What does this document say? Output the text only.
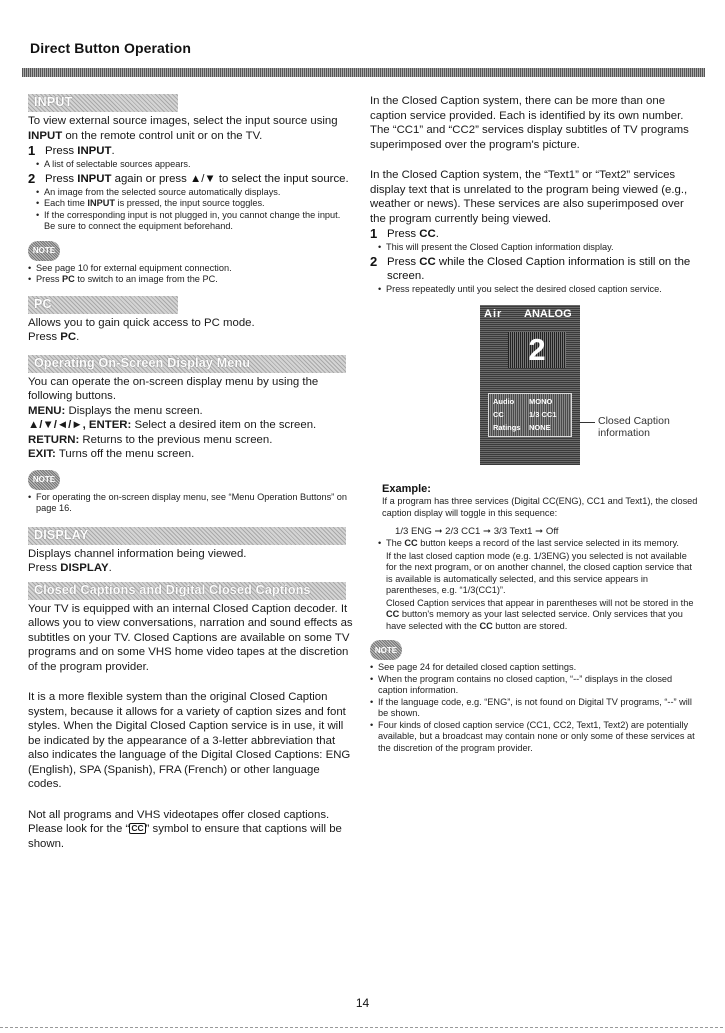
Direct Button Operation
INPUT
To view external source images, select the input source using INPUT on the remote control unit or on the TV.
1 Press INPUT.
• A list of selectable sources appears.
2 Press INPUT again or press ▲/▼ to select the input source.
• An image from the selected source automatically displays.
• Each time INPUT is pressed, the input source toggles.
• If the corresponding input is not plugged in, you cannot change the input. Be sure to connect the equipment beforehand.
NOTE
• See page 10 for external equipment connection.
• Press PC to switch to an image from the PC.
PC
Allows you to gain quick access to PC mode.
Press PC.
Operating On-Screen Display Menu
You can operate the on-screen display menu by using the following buttons.
MENU: Displays the menu screen.
▲/▼/◄/►, ENTER: Select a desired item on the screen.
RETURN: Returns to the previous menu screen.
EXIT: Turns off the menu screen.
NOTE
• For operating the on-screen display menu, see “Menu Operation Buttons” on page 16.
DISPLAY
Displays channel information being viewed.
Press DISPLAY.
Closed Captions and Digital Closed Captions
Your TV is equipped with an internal Closed Caption decoder. It allows you to view conversations, narration and sound effects as subtitles on your TV. Closed Captions are available on some TV programs and on some VHS home video tapes at the discretion of the program provider.
It is a more flexible system than the original Closed Caption system, because it allows for a variety of caption sizes and font styles. When the Digital Closed Caption service is in use, it will be indicated by the appearance of a 3-letter abbreviation that also indicates the language of the Digital Closed Captions: ENG (English), SPA (Spanish), FRA (French) or other language codes.
Not all programs and VHS videotapes offer closed captions. Please look for the “ CC ” symbol to ensure that captions will be shown.
In the Closed Caption system, there can be more than one caption service provided. Each is identified by its own number. The “CC1” and “CC2” services display subtitles of TV programs superimposed over the program's picture.
In the Closed Caption system, the “Text1” or “Text2” services display text that is unrelated to the program being viewed (e.g., weather or news). These services are also superimposed over the program currently being viewed.
1 Press CC.
• This will present the Closed Caption information display.
2 Press CC while the Closed Caption information is still on the screen.
• Press repeatedly until you select the desired closed caption service.
Air ANALOG
2
Audio MONO
CC	1/3 CC1
Ratings NONE
Closed Caption information
Example:
If a program has three services (Digital CC(ENG), CC1 and Text1), the closed caption display will toggle in this sequence:
1/3 ENG ➞ 2/3 CC1 ➞ 3/3 Text1 ➞ Off
• The CC button keeps a record of the last service selected in its memory.
If the last closed caption mode (e.g. 1/3ENG) you selected is not available for the next program, or on another channel, the closed caption service that is available is automatically selected, and this service appears in parentheses, e.g. “1/3(CC1)”.
Closed Caption services that appear in parentheses will not be stored in the CC button's memory as your last selected service. Only services that you have selected with the CC button are stored.
NOTE
• See page 24 for detailed closed caption settings.
• When the program contains no closed caption, “--” displays in the closed caption information.
• If the language code, e.g. “ENG”, is not found on Digital TV programs, “--” will be shown.
• Four kinds of closed caption service (CC1, CC2, Text1, Text2) are potentially available, but a broadcast may contain none or only some of these services at the discretion of the program provider.
14
